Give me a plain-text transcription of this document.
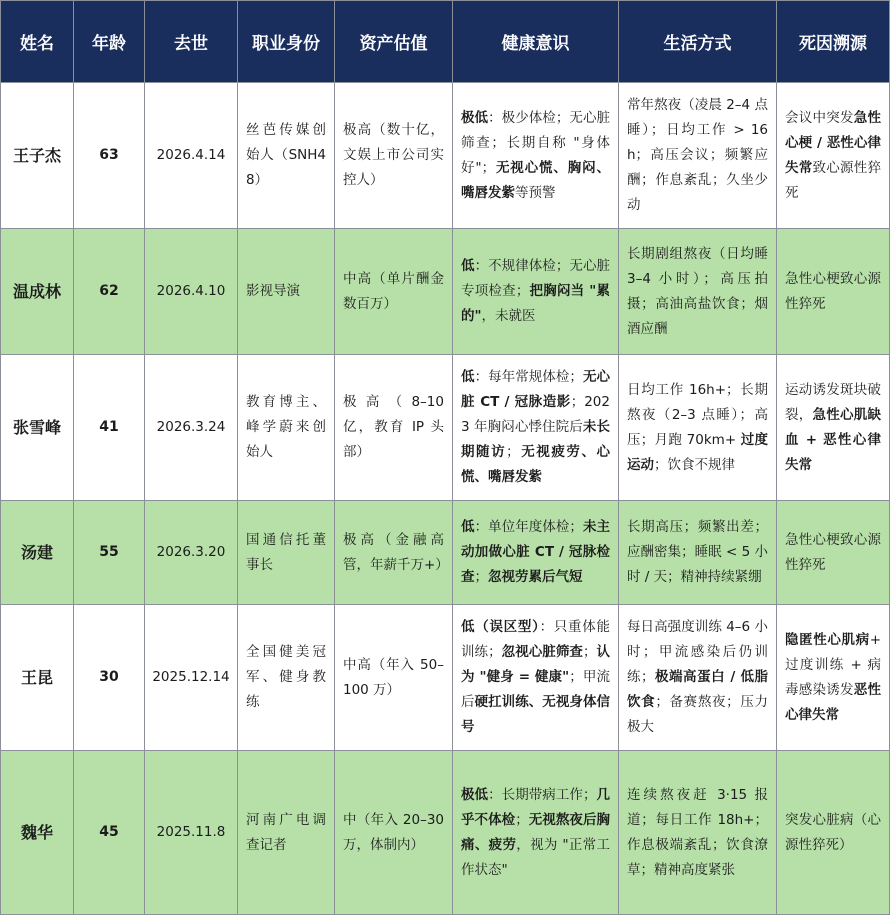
姓名	年龄	去世	职业身份	资产估值	健康意识	生活方式	死因溯源
王子杰	63	2026.4.14	丝芭传媒创始人（SNH48）	极高（数十亿，文娱上市公司实控人）	极低：极少体检；无心脏筛查；长期自称 "身体好"；无视心慌、胸闷、嘴唇发紫等预警	常年熬夜（凌晨 2–4 点睡）；日均工作 > 16h；高压会议；频繁应酬；作息紊乱；久坐少动	会议中突发急性心梗 / 恶性心律失常致心源性猝死
温成林	62	2026.4.10	影视导演	中高（单片酬金数百万）	低：不规律体检；无心脏专项检查；把胸闷当 "累的"，未就医	长期剧组熬夜（日均睡 3–4 小时）；高压拍摄；高油高盐饮食；烟酒应酬	急性心梗致心源性猝死
张雪峰	41	2026.3.24	教育博主、峰学蔚来创始人	极高（8–10 亿，教育 IP 头部）	低：每年常规体检；无心脏 CT / 冠脉造影；2023 年胸闷心悸住院后未长期随访；无视疲劳、心慌、嘴唇发紫	日均工作 16h+；长期熬夜（2–3 点睡）；高压；月跑 70km+ 过度运动；饮食不规律	运动诱发斑块破裂，急性心肌缺血 + 恶性心律失常
汤建	55	2026.3.20	国通信托董事长	极高（金融高管，年薪千万+）	低：单位年度体检；未主动加做心脏 CT / 冠脉检查；忽视劳累后气短	长期高压；频繁出差；应酬密集；睡眠 < 5 小时 / 天；精神持续紧绷	急性心梗致心源性猝死
王昆	30	2025.12.14	全国健美冠军、健身教练	中高（年入 50–100 万）	低（误区型）：只重体能训练；忽视心脏筛查；认为 "健身 = 健康"；甲流后硬扛训练、无视身体信号	每日高强度训练 4–6 小时；甲流感染后仍训练；极端高蛋白 / 低脂饮食；备赛熬夜；压力极大	隐匿性心肌病+ 过度训练 + 病毒感染诱发恶性心律失常
魏华	45	2025.11.8	河南广电调查记者	中（年入 20–30 万，体制内）	极低：长期带病工作；几乎不体检；无视熬夜后胸痛、疲劳，视为 "正常工作状态"	连续熬夜赶 3·15 报道；每日工作 18h+；作息极端紊乱；饮食潦草；精神高度紧张	突发心脏病（心源性猝死）
